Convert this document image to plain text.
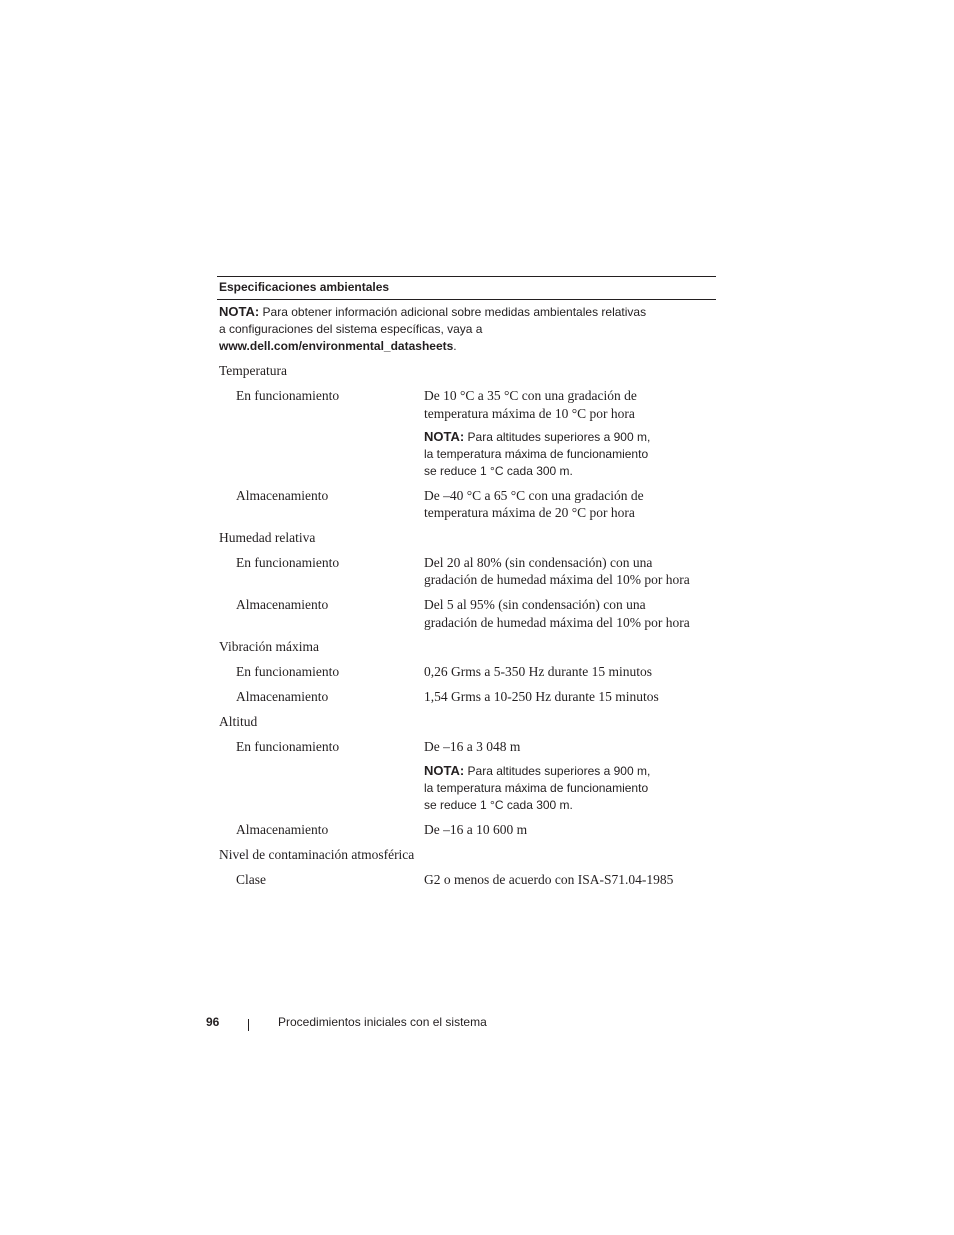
Especificaciones ambientales
NOTA: Para obtener información adicional sobre medidas ambientales relativas
a configuraciones del sistema específicas, vaya a
www.dell.com/environmental_datasheets.
Temperatura
En funcionamiento	De 10 °C a 35 °C con una gradación de
temperatura máxima de 10 °C por hora
NOTA: Para altitudes superiores a 900 m,
la temperatura máxima de funcionamiento
se reduce 1 °C cada 300 m.
Almacenamiento	De –40 °C a 65 °C con una gradación de
temperatura máxima de 20 °C por hora
Humedad relativa
En funcionamiento	Del 20 al 80% (sin condensación) con una
gradación de humedad máxima del 10% por hora
Almacenamiento	Del 5 al 95% (sin condensación) con una
gradación de humedad máxima del 10% por hora
Vibración máxima
En funcionamiento	0,26 Grms a 5-350 Hz durante 15 minutos
Almacenamiento	1,54 Grms a 10-250 Hz durante 15 minutos
Altitud
En funcionamiento	De –16 a 3 048 m
NOTA: Para altitudes superiores a 900 m,
la temperatura máxima de funcionamiento
se reduce 1 °C cada 300 m.
Almacenamiento	De –16 a 10 600 m
Nivel de contaminación atmosférica
Clase	G2 o menos de acuerdo con ISA-S71.04-1985
96	Procedimientos iniciales con el sistema
